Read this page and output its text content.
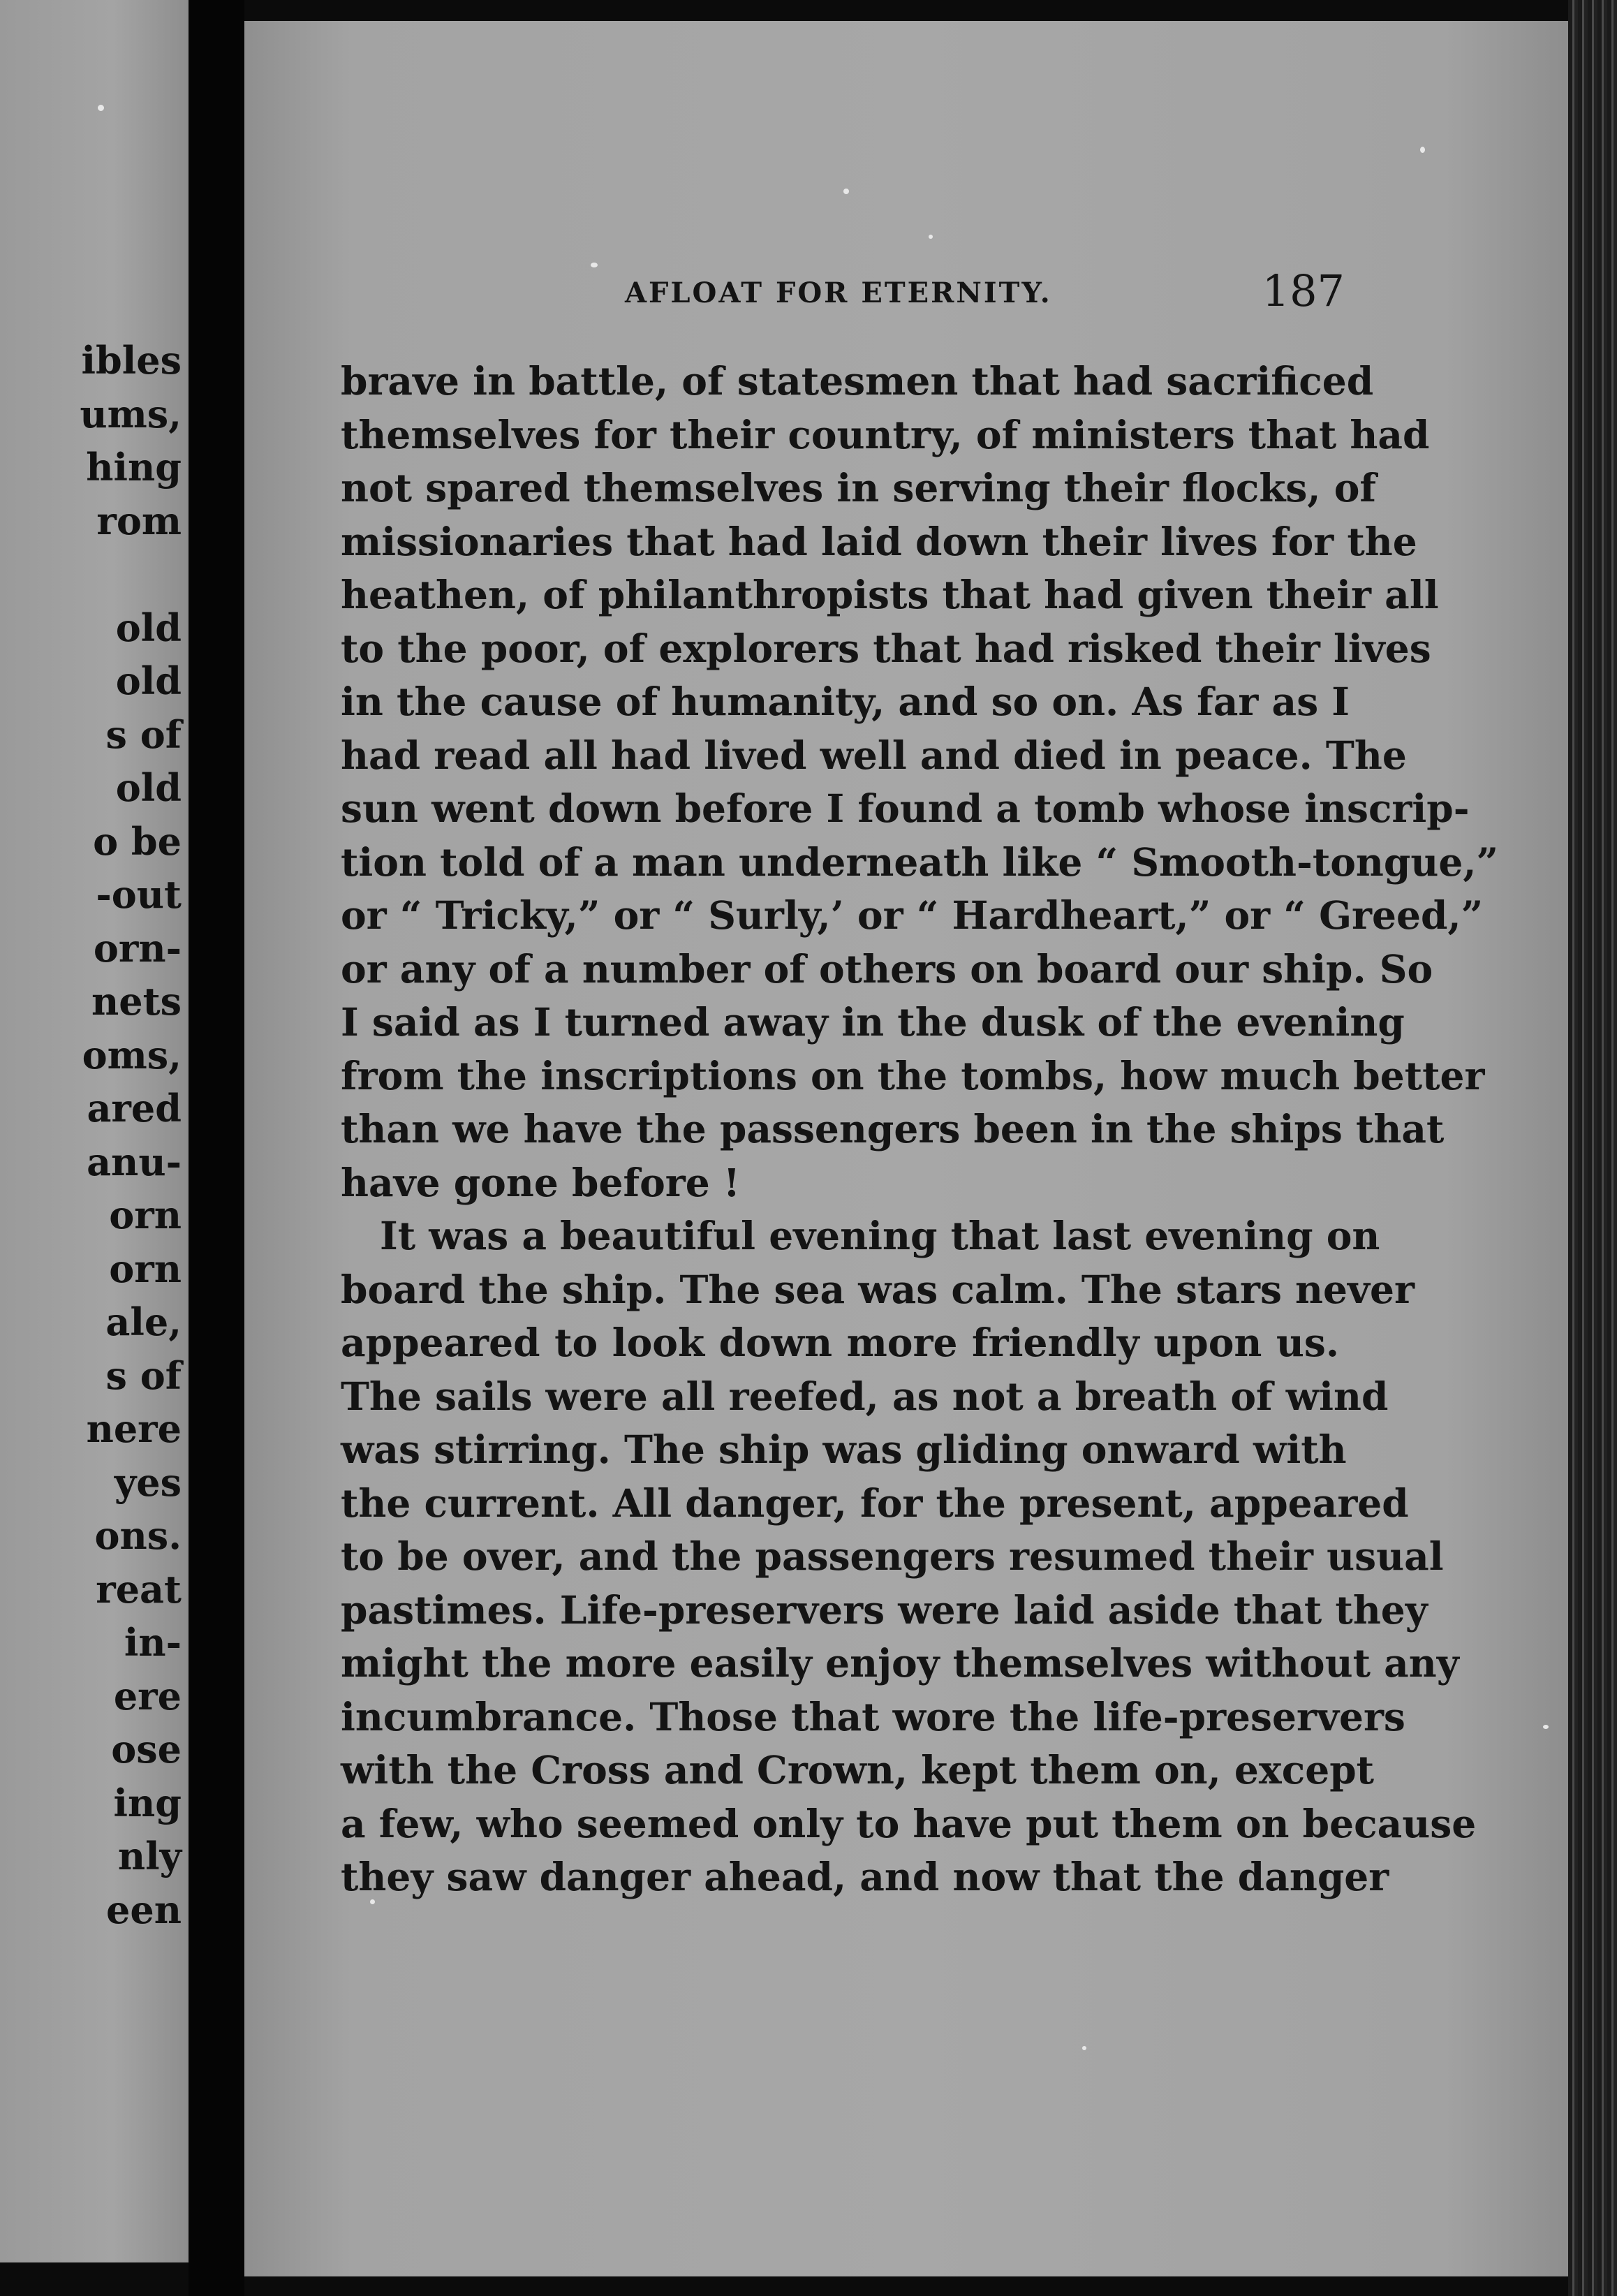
ibles
ums,
hing
rom
old
old
s of
old
o be
-out
orn-
nets
oms,
ared
anu-
orn
orn
ale,
s of
nere
yes
ons.
reat
in-
ere
ose
ing
nly
een
AFLOAT FOR ETERNITY.	187
brave in battle, of statesmen that had sacrificed
themselves for their country, of ministers that had
not spared themselves in serving their flocks, of
missionaries that had laid down their lives for the
heathen, of philanthropists that had given their all
to the poor, of explorers that had risked their lives
in the cause of humanity, and so on. As far as I
had read all had lived well and died in peace. The
sun went down before I found a tomb whose inscrip-
tion told of a man underneath like “ Smooth-tongue,”
or “ Tricky,” or “ Surly,’ or “ Hardheart,” or “ Greed,”
or any of a number of others on board our ship. So
I said as I turned away in the dusk of the evening
from the inscriptions on the tombs, how much better
than we have the passengers been in the ships that
have gone before !
It was a beautiful evening that last evening on
board the ship. The sea was calm. The stars never
appeared to look down more friendly upon us.
The sails were all reefed, as not a breath of wind
was stirring. The ship was gliding onward with
the current. All danger, for the present, appeared
to be over, and the passengers resumed their usual
pastimes. Life-preservers were laid aside that they
might the more easily enjoy themselves without any
incumbrance. Those that wore the life-preservers
with the Cross and Crown, kept them on, except
a few, who seemed only to have put them on because
they saw danger ahead, and now that the danger
